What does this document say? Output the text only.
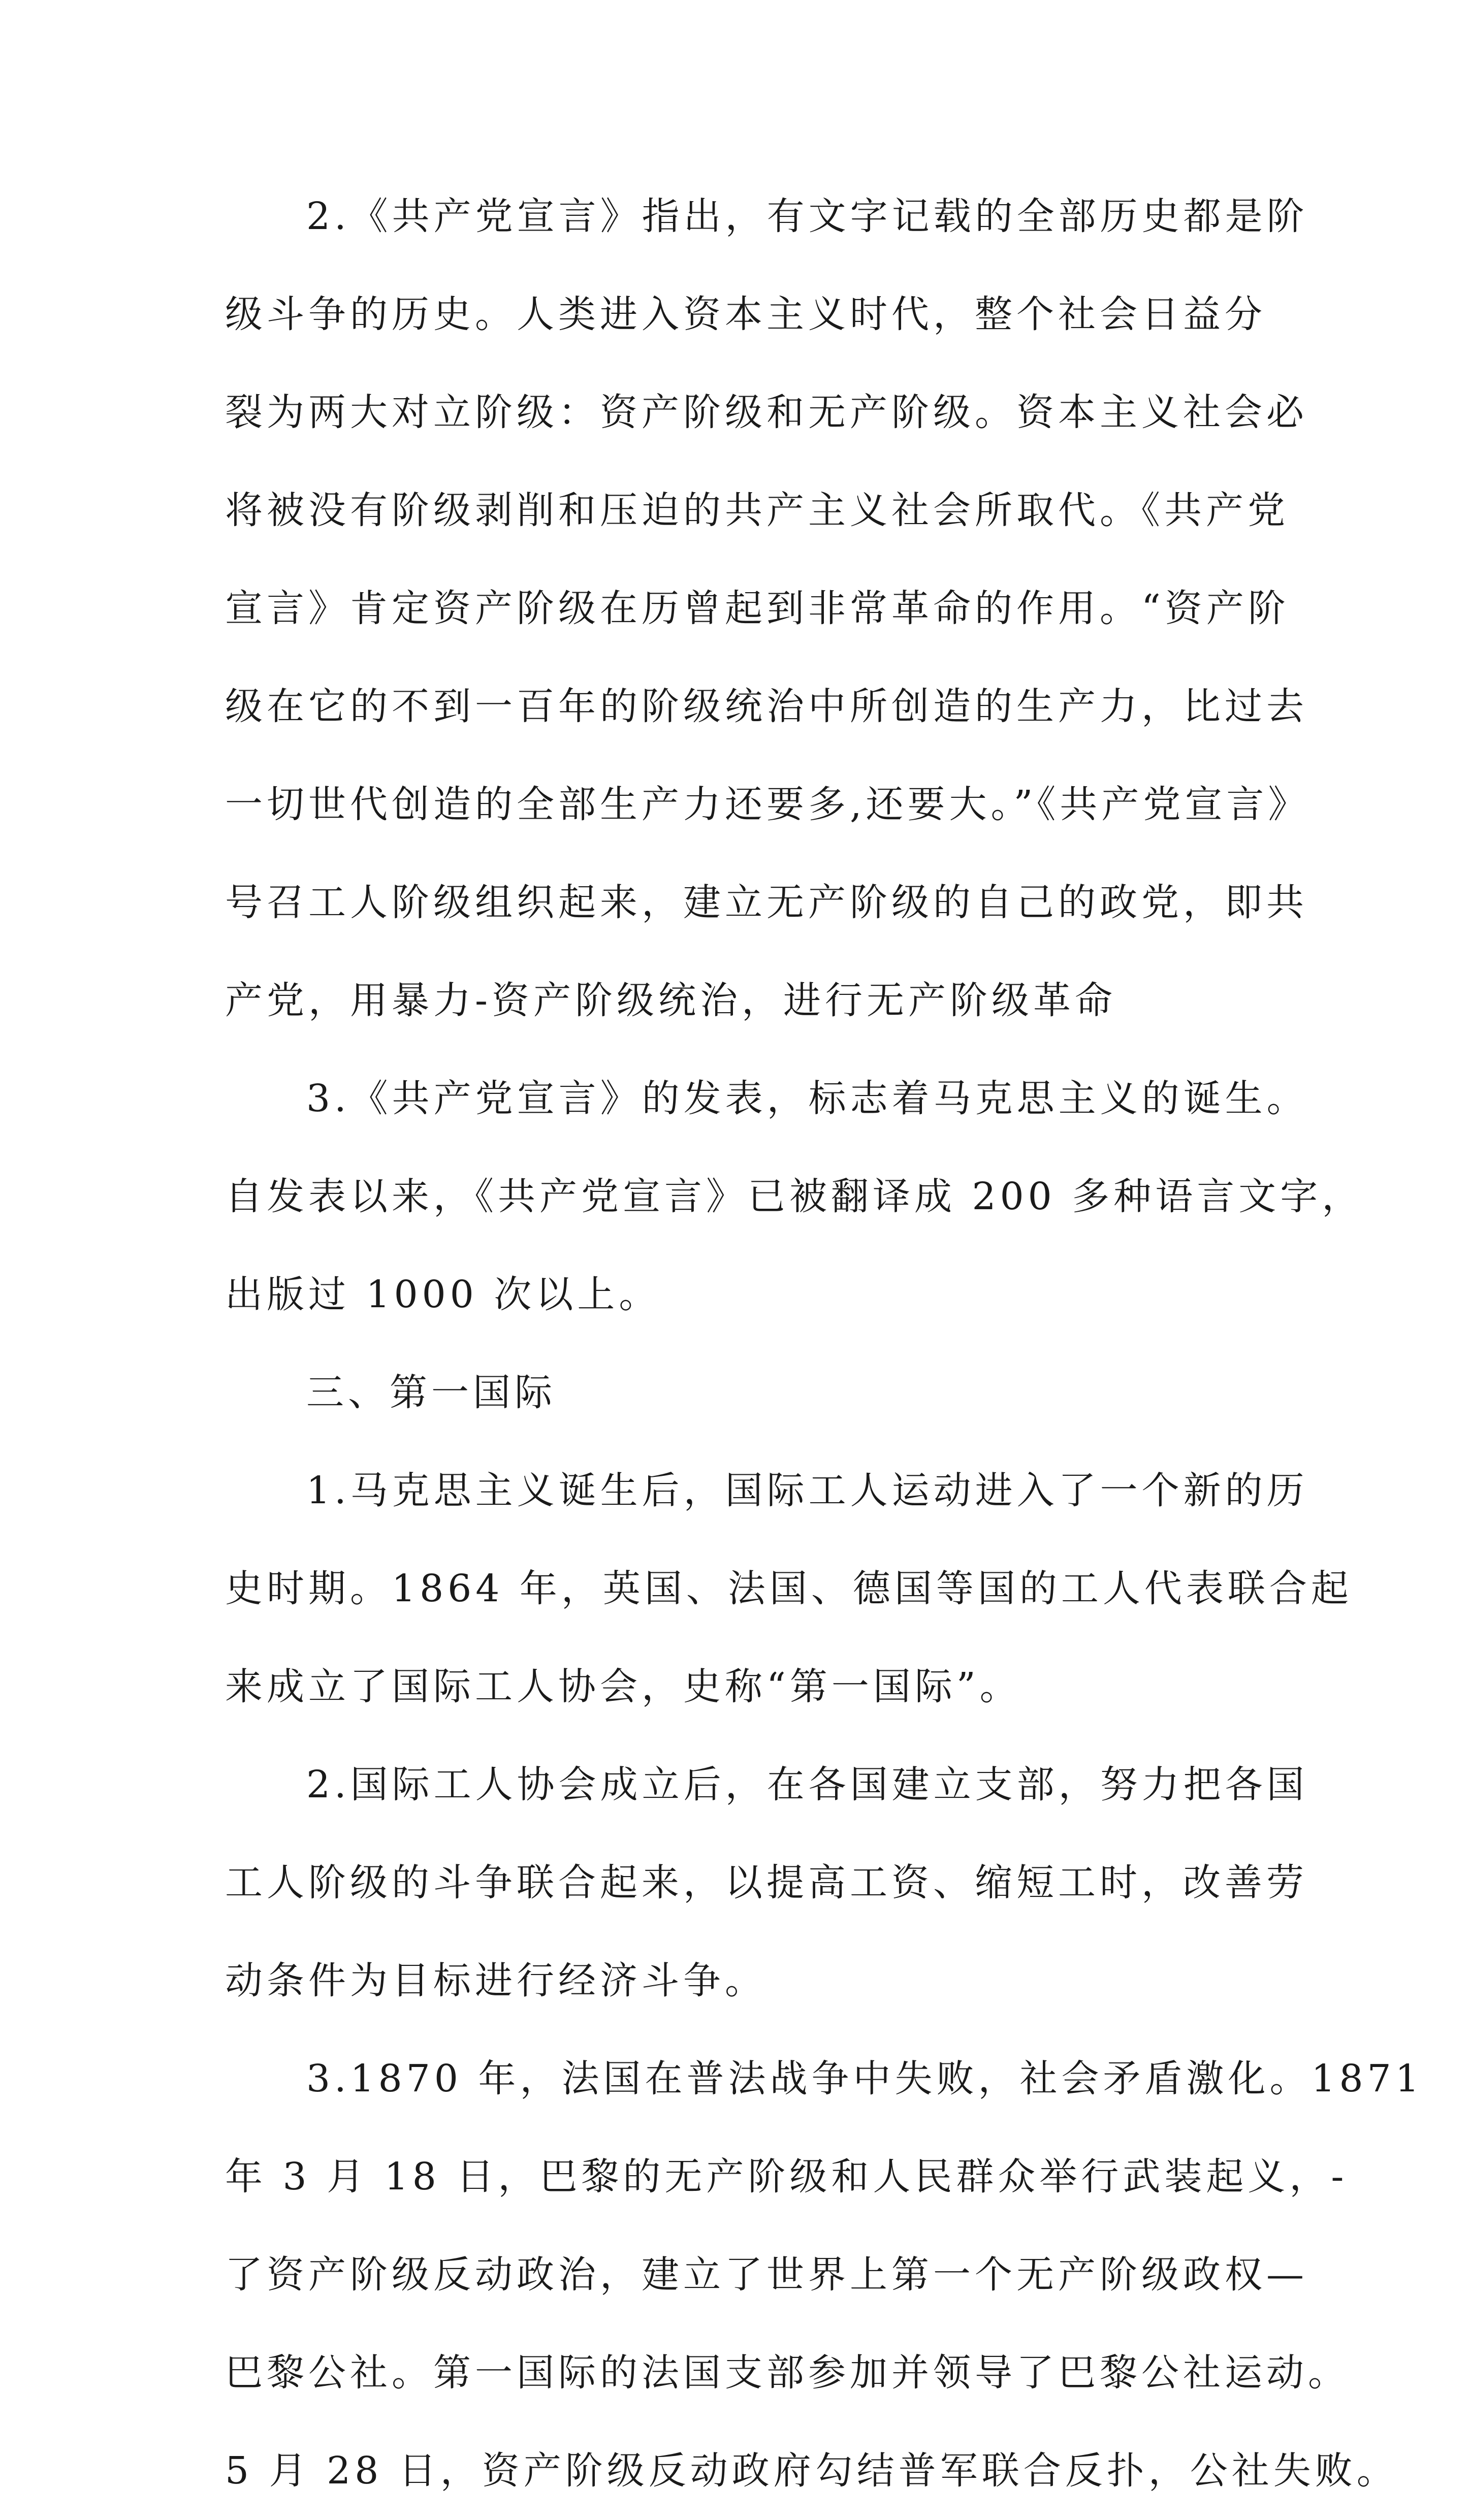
2.《共产党宣言》指出，有文字记载的全部历史都是阶
级斗争的历史。人类进入资本主义时代，整个社会日益分
裂为两大对立阶级：资产阶级和无产阶级。资本主义社会必
将被没有阶级剥削和压迫的共产主义社会所取代。《共产党
宣言》肯定资产阶级在历曾起到非常革命的作用。“资产阶
级在它的不到一百年的阶级统治中所创造的生产力，比过去
一切世代创造的全部生产力还要多,还要大。”《共产党宣言》
号召工人阶级组织起来，建立无产阶级的自己的政党，即共
产党，用暴力-资产阶级统治，进行无产阶级革命
3.《共产党宣言》的发表，标志着马克思主义的诞生。
自发表以来，《共产党宣言》已被翻译成 200 多种语言文字，
出版过 1000 次以上。
三、第一国际
1.马克思主义诞生后，国际工人运动进入了一个新的历
史时期。1864 年，英国、法国、德国等国的工人代表联合起
来成立了国际工人协会，史称“第一国际”。
2.国际工人协会成立后，在各国建立支部，努力把各国
工人阶级的斗争联合起来，以提高工资、缩短工时，改善劳
动条件为目标进行经济斗争。
3.1870 年，法国在普法战争中失败，社会矛盾激化。1871
年 3 月 18 日，巴黎的无产阶级和人民群众举行武装起义，-
了资产阶级反动政治，建立了世界上第一个无产阶级政权—
巴黎公社。第一国际的法国支部参加并领导了巴黎公社运动。
5 月 28 日，资产阶级反动政府勾结普军联合反扑，公社失败。
